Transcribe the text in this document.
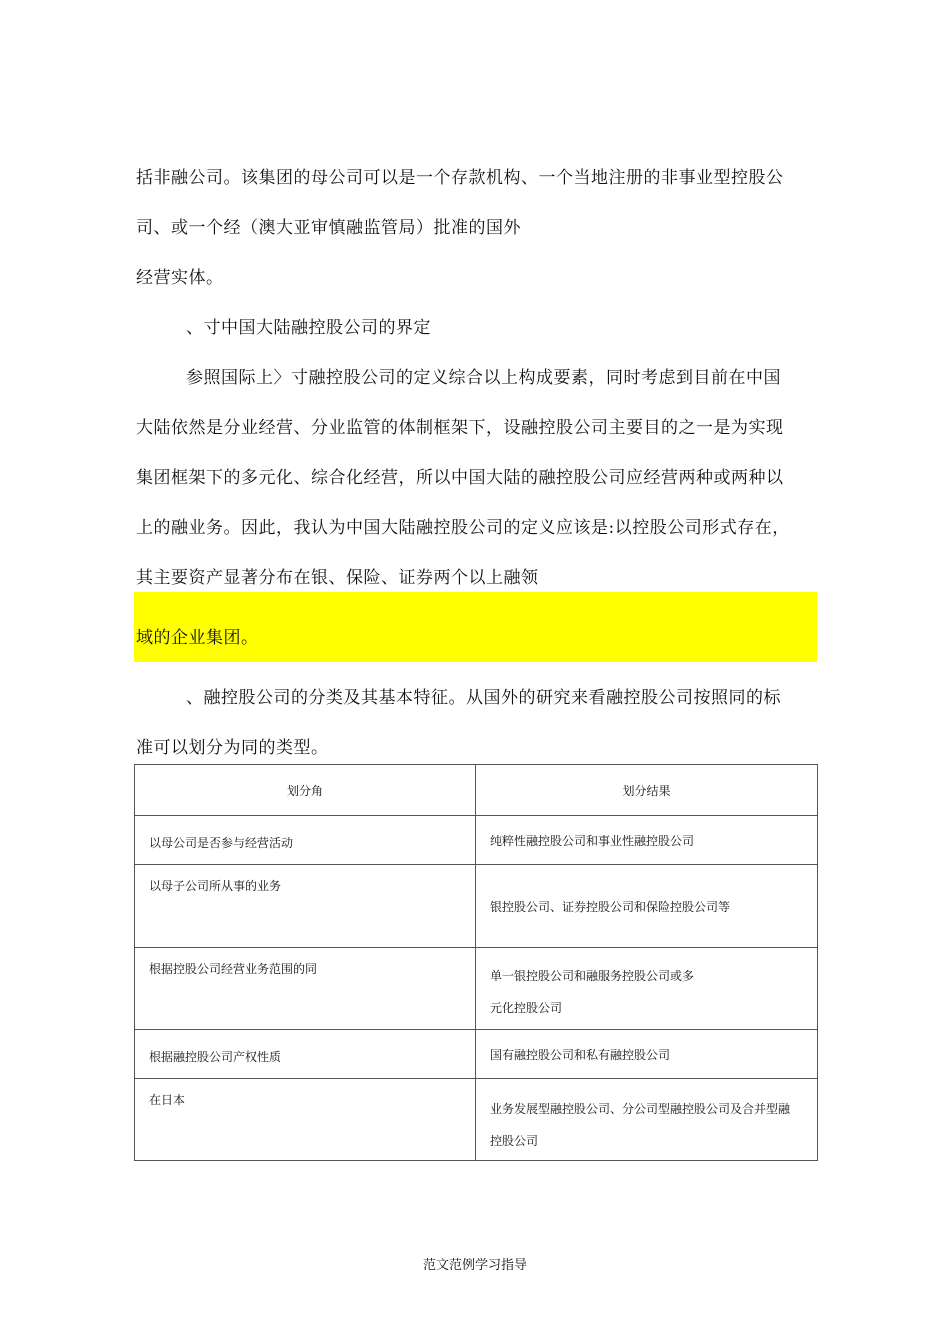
括非融公司。该集团的母公司可以是一个存款机构、一个当地注册的非事业型控股公

司、或一个经（澳大亚审慎融监管局）批准的国外

经营实体。

、寸中国大陆融控股公司的界定

参照国际上〉寸融控股公司的定义综合以上构成要素，同时考虑到目前在中国

大陆依然是分业经营、分业监管的体制框架下，设融控股公司主要目的之一是为实现

集团框架下的多元化、综合化经营，所以中国大陆的融控股公司应经营两种或两种以

上的融业务。因此，我认为中国大陆融控股公司的定义应该是:以控股公司形式存在，

其主要资产显著分布在银、保险、证券两个以上融领

域的企业集团。

、融控股公司的分类及其基本特征。从国外的研究来看融控股公司按照同的标

准可以划分为同的类型。

划分角	划分结果
以母公司是否参与经营活动	纯粹性融控股公司和事业性融控股公司
以母子公司所从事的业务	银控股公司、证券控股公司和保险控股公司等
根据控股公司经营业务范围的同	单一银控股公司和融服务控股公司或多
元化控股公司
根据融控股公司产权性质	国有融控股公司和私有融控股公司
在日本	业务发展型融控股公司、分公司型融控股公司及合并型融
控股公司

范文范例学习指导
